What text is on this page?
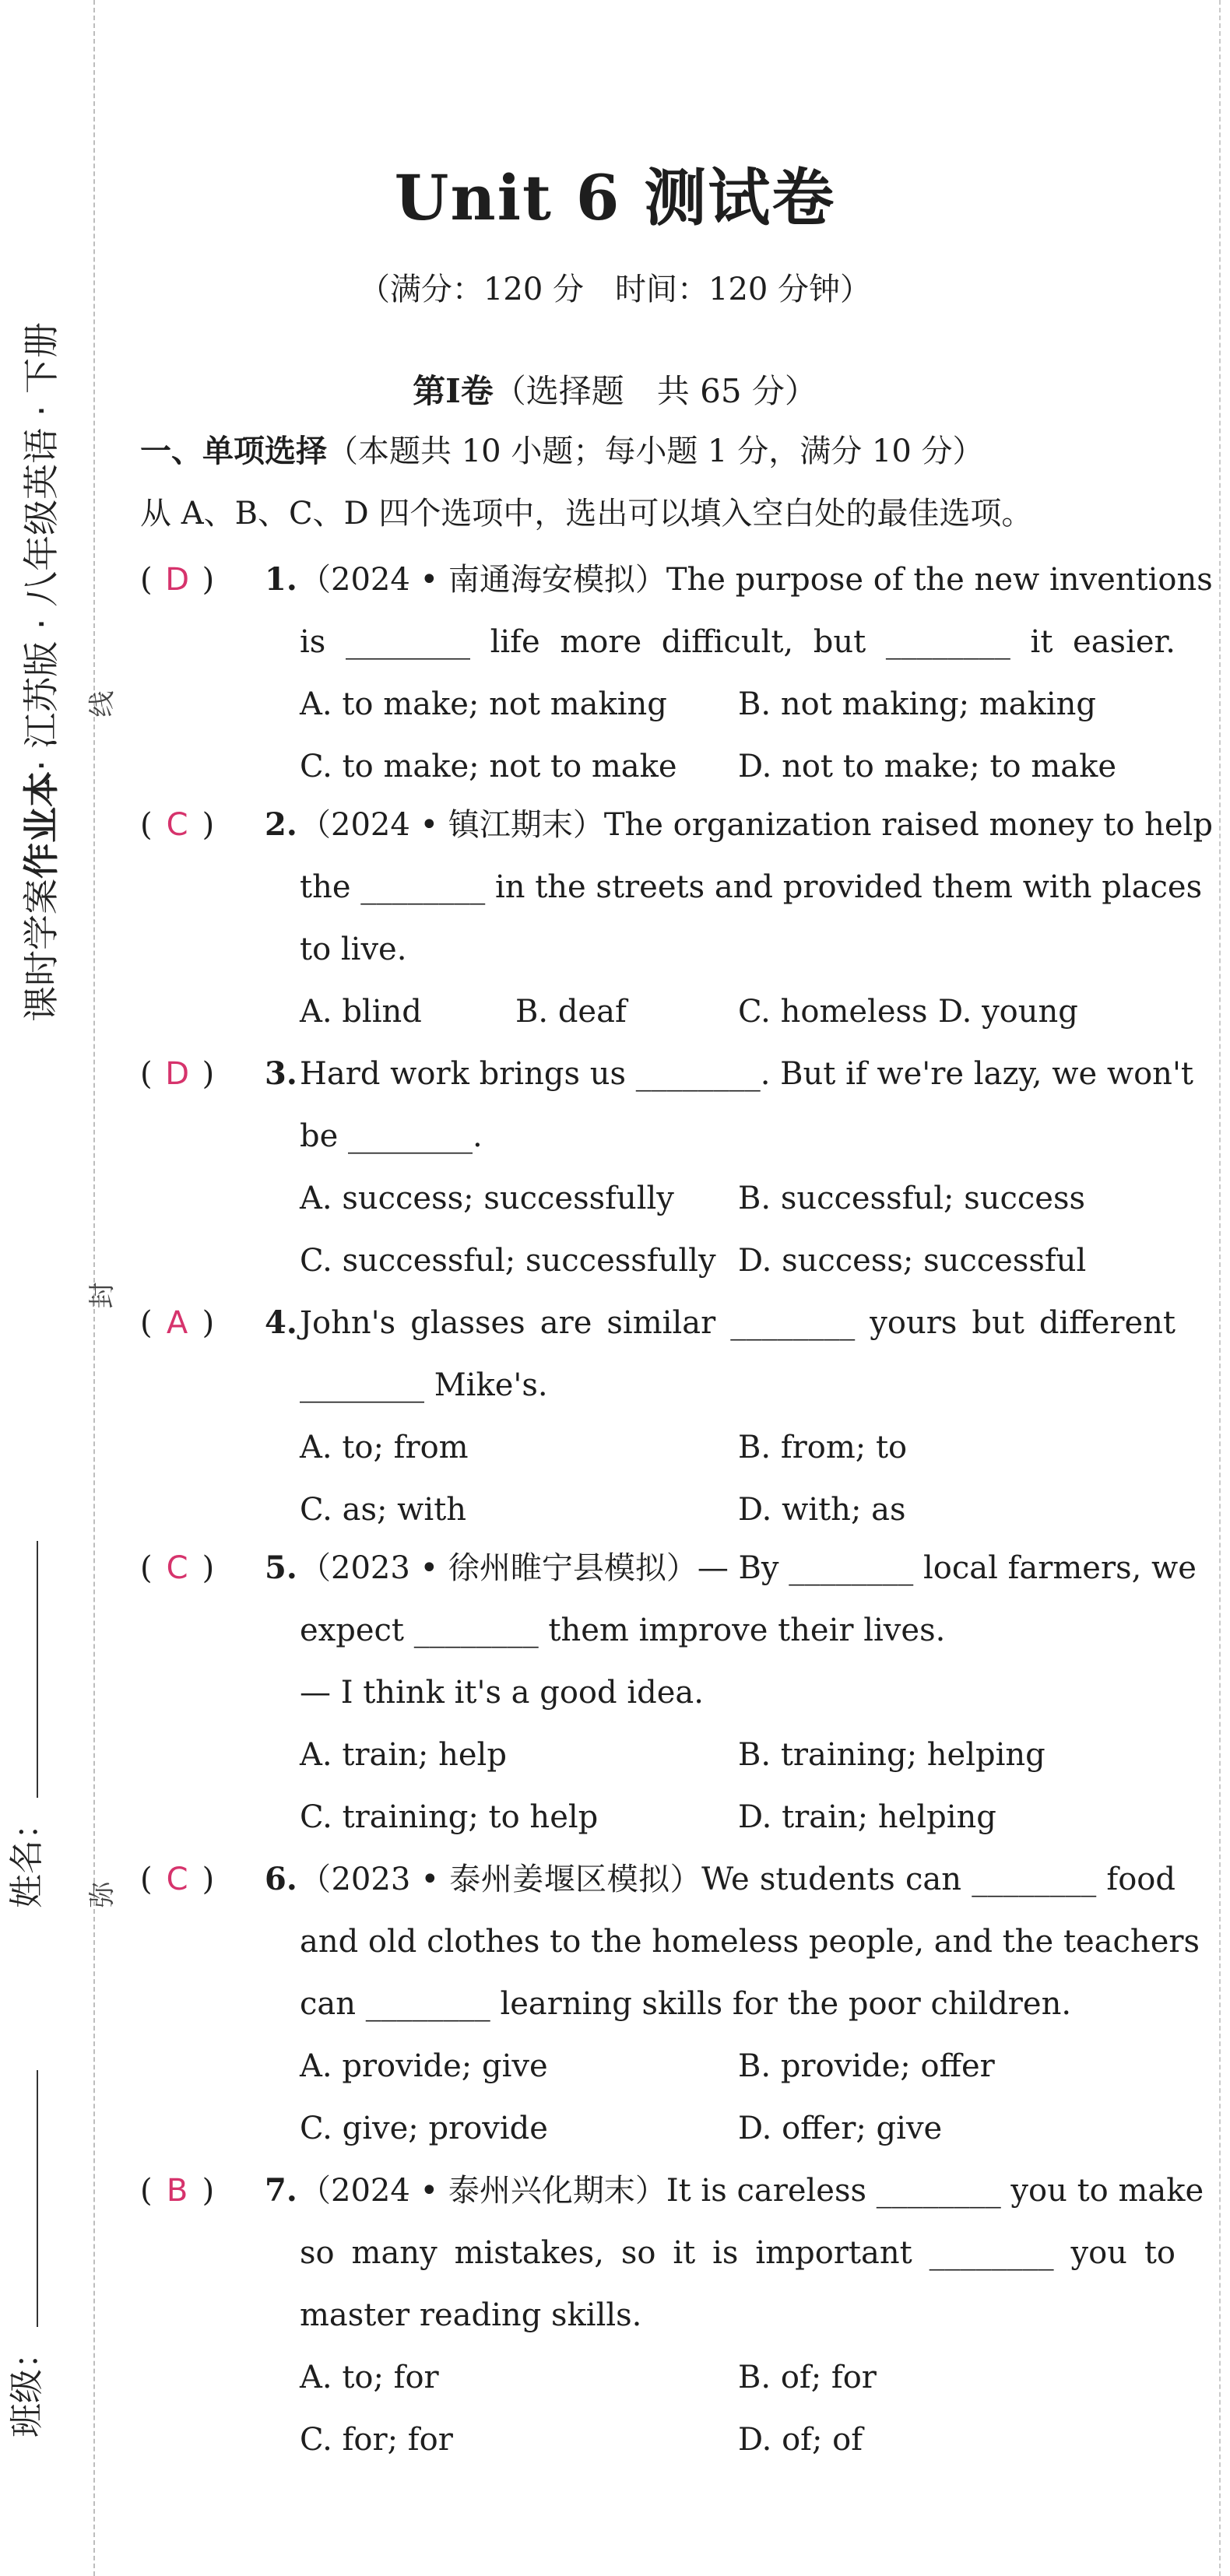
课时学案作业本· 江苏版 · 八年级英语 · 下册 线
封
弥
姓名：
班级：
Unit 6 测试卷
（满分：120 分　时间：120 分钟）
第Ⅰ卷（选择题　共 65 分）
一、单项选择（本题共 10 小题；每小题 1 分，满分 10 分）
从 A、B、C、D 四个选项中，选出可以填入空白处的最佳选项。
( D ) 1. （2024 • 南通海安模拟）The purpose of the new inventions
is ________ life more difficult, but ________ it easier.
A. to make; not making B. not making; making
C. to make; not to make D. not to make; to make
( C ) 2. （2024 • 镇江期末）The organization raised money to help
the ________ in the streets and provided them with places
to live.
A. blind	B. deaf	C. homeless D. young
( D ) 3. Hard work brings us ________. But if we're lazy, we won't
be ________.
A. success; successfully B. successful; success
C. successful; successfully D. success; successful
( A ) 4. John's glasses are similar ________ yours but different
________ Mike's.
A. to; from	B. from; to
C. as; with	D. with; as
( C ) 5. （2023 • 徐州睢宁县模拟）— By ________ local farmers, we
expect ________ them improve their lives.
— I think it's a good idea.
A. train; help	B. training; helping
C. training; to help	D. train; helping
( C ) 6. （2023 • 泰州姜堰区模拟）We students can ________ food
and old clothes to the homeless people, and the teachers
can ________ learning skills for the poor children.
A. provide; give	B. provide; offer
C. give; provide	D. offer; give
( B ) 7. （2024 • 泰州兴化期末）It is careless ________ you to make
so many mistakes, so it is important ________ you to
master reading skills.
A. to; for	B. of; for
C. for; for	D. of; of
